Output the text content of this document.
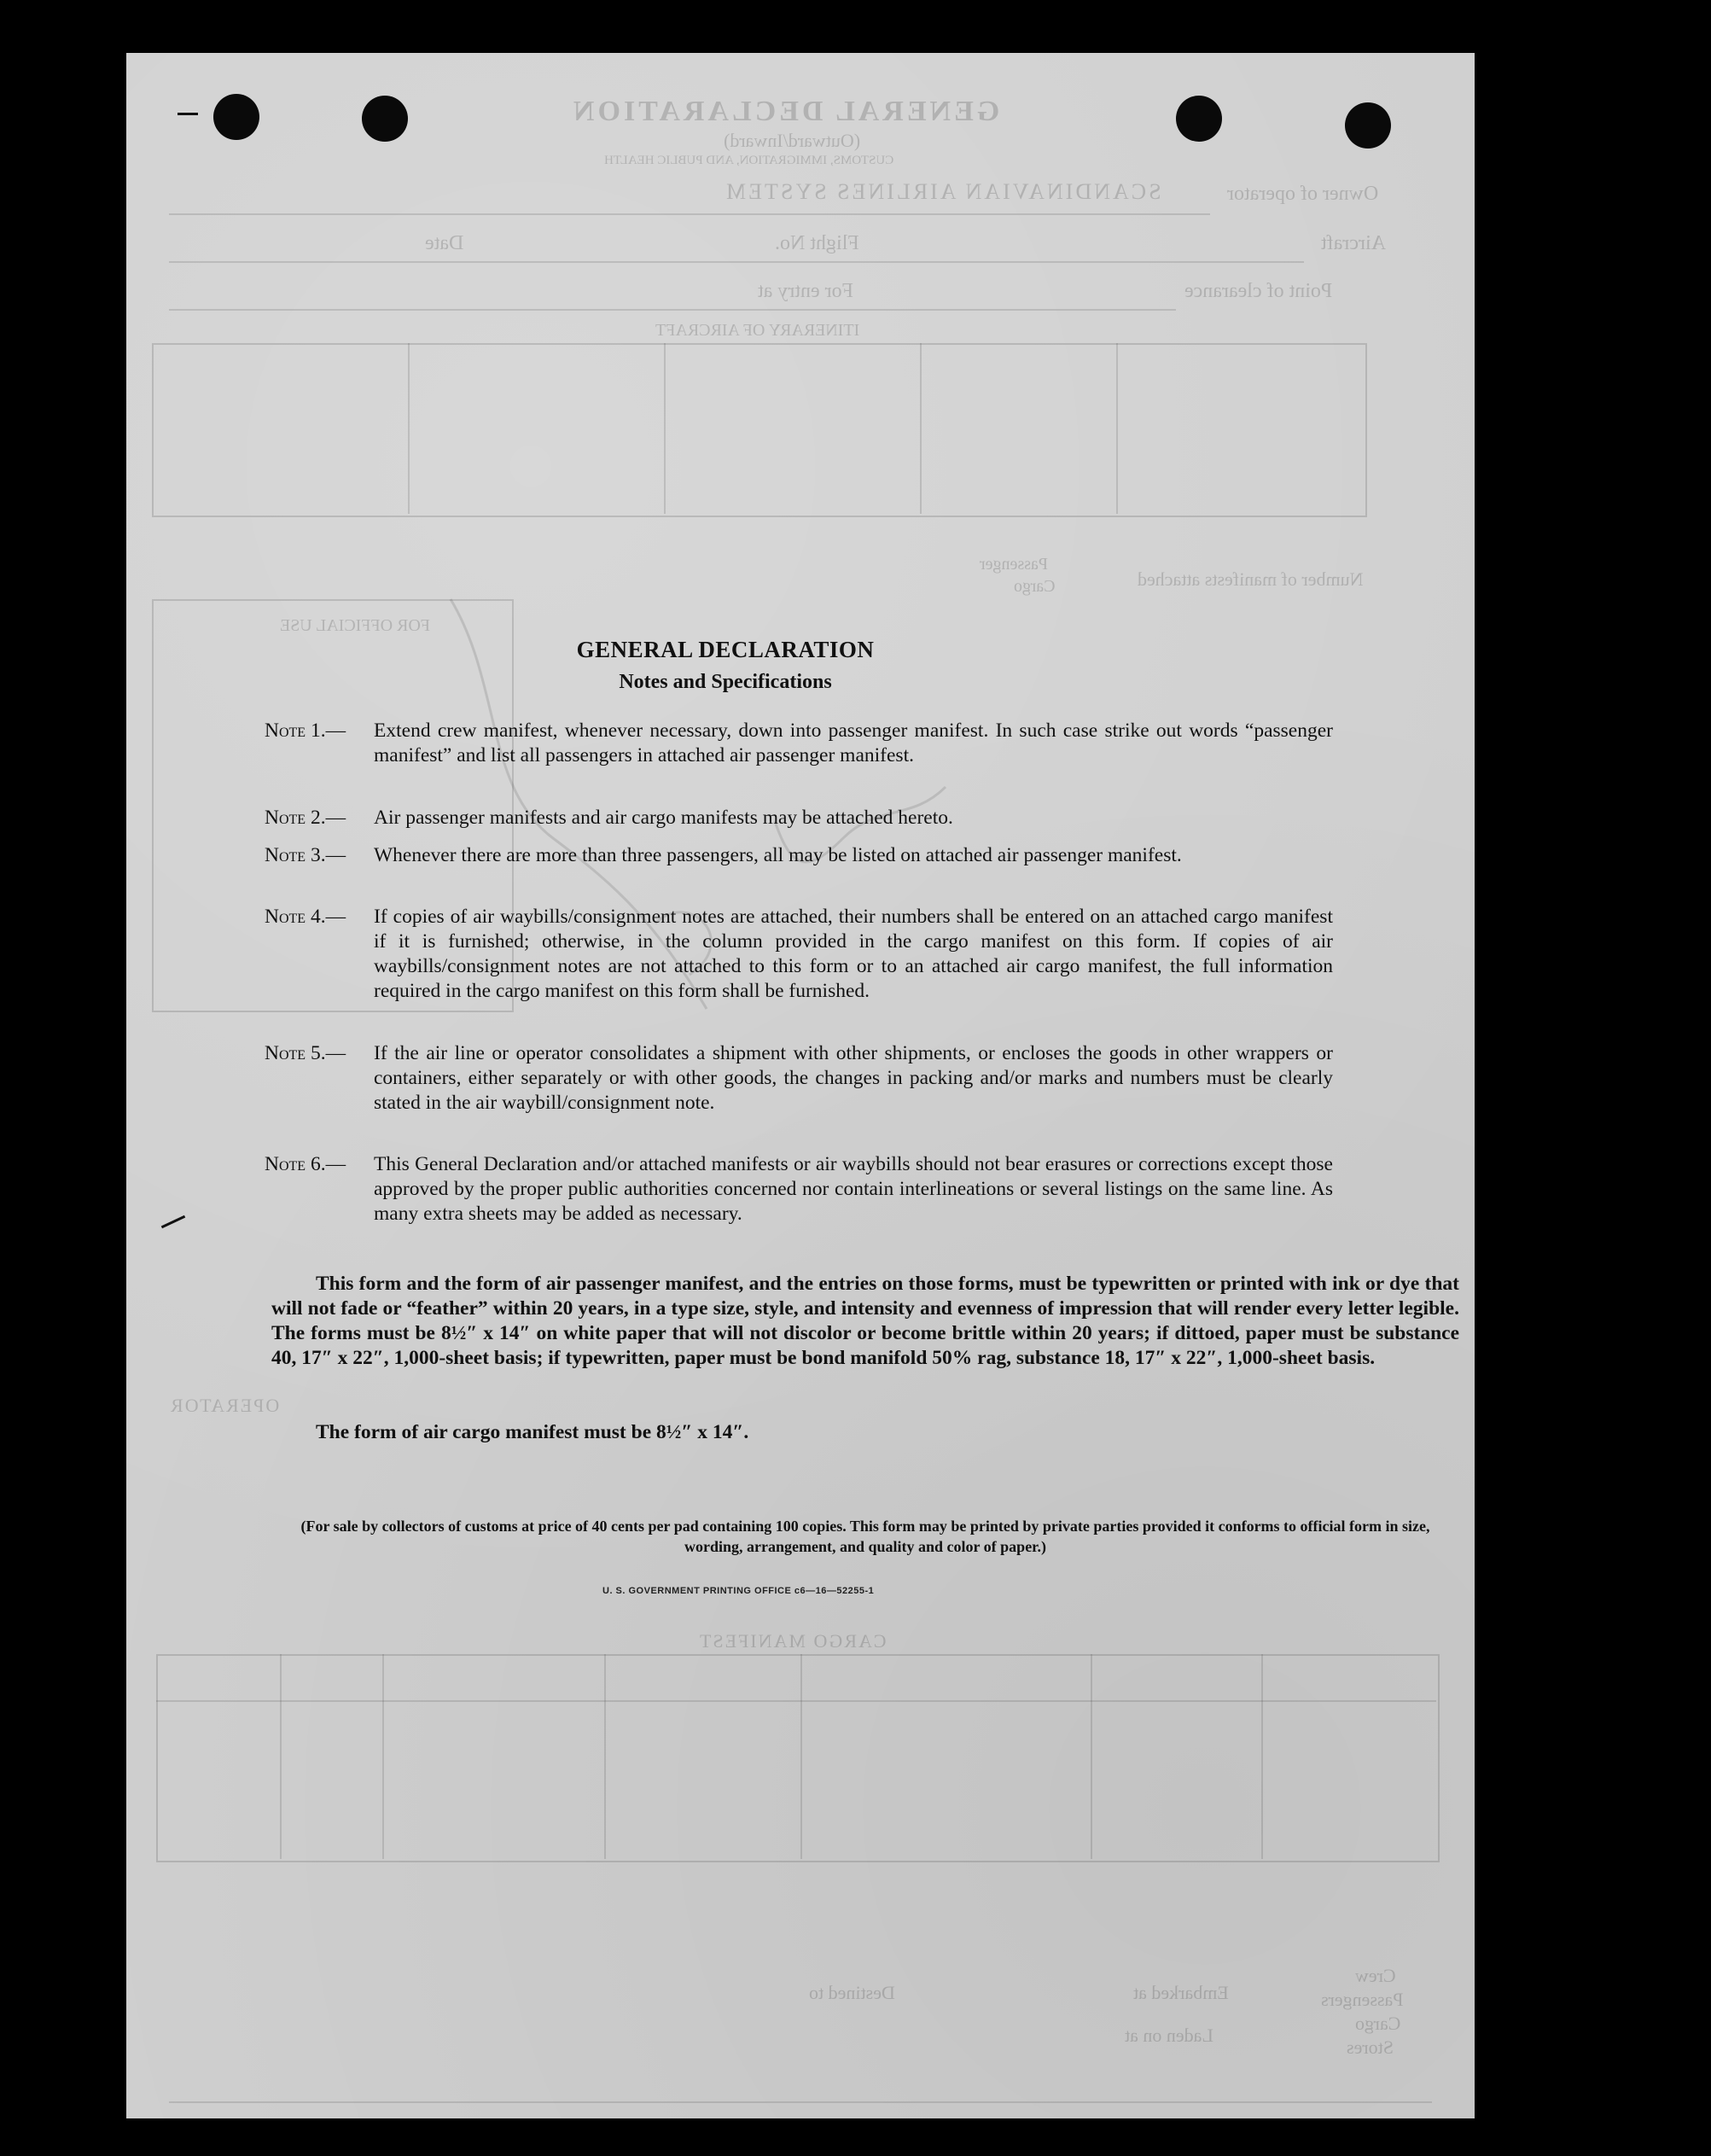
GENERAL DECLARATION
(Outward/Inward)
CUSTOMS, IMMIGRATION, AND PUBLIC HEALTH
SCANDINAVIAN AIRLINES SYSTEM	Owner of operator
Aircraft
Flight No.
Date
Point of clearance
For entry at
ITINERARY OF AIRCRAFT
Number of manifests attached
Passenger
Cargo
FOR OFFICIAL USE
OPERATOR
CARGO MANIFEST
Crew
Passengers
Cargo
Stores
Embarked at
Destined to
Laden on at
GENERAL DECLARATION
Notes and Specifications
Note 1.—	Extend crew manifest, whenever necessary, down into passenger manifest. In such case strike out words “passenger manifest” and list all passengers in attached air passenger manifest.
Note 2.—	Air passenger manifests and air cargo manifests may be attached hereto.
Note 3.—	Whenever there are more than three passengers, all may be listed on attached air passenger manifest.
Note 4.—	If copies of air waybills/consignment notes are attached, their numbers shall be entered on an attached cargo manifest if it is furnished; otherwise, in the column provided in the cargo manifest on this form. If copies of air waybills/consignment notes are not attached to this form or to an attached air cargo manifest, the full information required in the cargo manifest on this form shall be furnished.
Note 5.—	If the air line or operator consolidates a shipment with other shipments, or encloses the goods in other wrappers or containers, either separately or with other goods, the changes in packing and/or marks and numbers must be clearly stated in the air waybill/consignment note.
Note 6.—	This General Declaration and/or attached manifests or air waybills should not bear erasures or corrections except those approved by the proper public authorities concerned nor contain interlineations or several listings on the same line. As many extra sheets may be added as necessary.
This form and the form of air passenger manifest, and the entries on those forms, must be typewritten or printed with ink or dye that will not fade or “feather” within 20 years, in a type size, style, and intensity and evenness of impression that will render every letter legible. The forms must be 8½″ x 14″ on white paper that will not discolor or become brittle within 20 years; if dittoed, paper must be substance 40, 17″ x 22″, 1,000-sheet basis; if typewritten, paper must be bond manifold 50% rag, substance 18, 17″ x 22″, 1,000-sheet basis.
The form of air cargo manifest must be 8½″ x 14″.
(For sale by collectors of customs at price of 40 cents per pad containing 100 copies. This form may be printed by private parties provided it conforms to official form in size, wording, arrangement, and quality and color of paper.)
U. S. GOVERNMENT PRINTING OFFICE c6—16—52255-1
